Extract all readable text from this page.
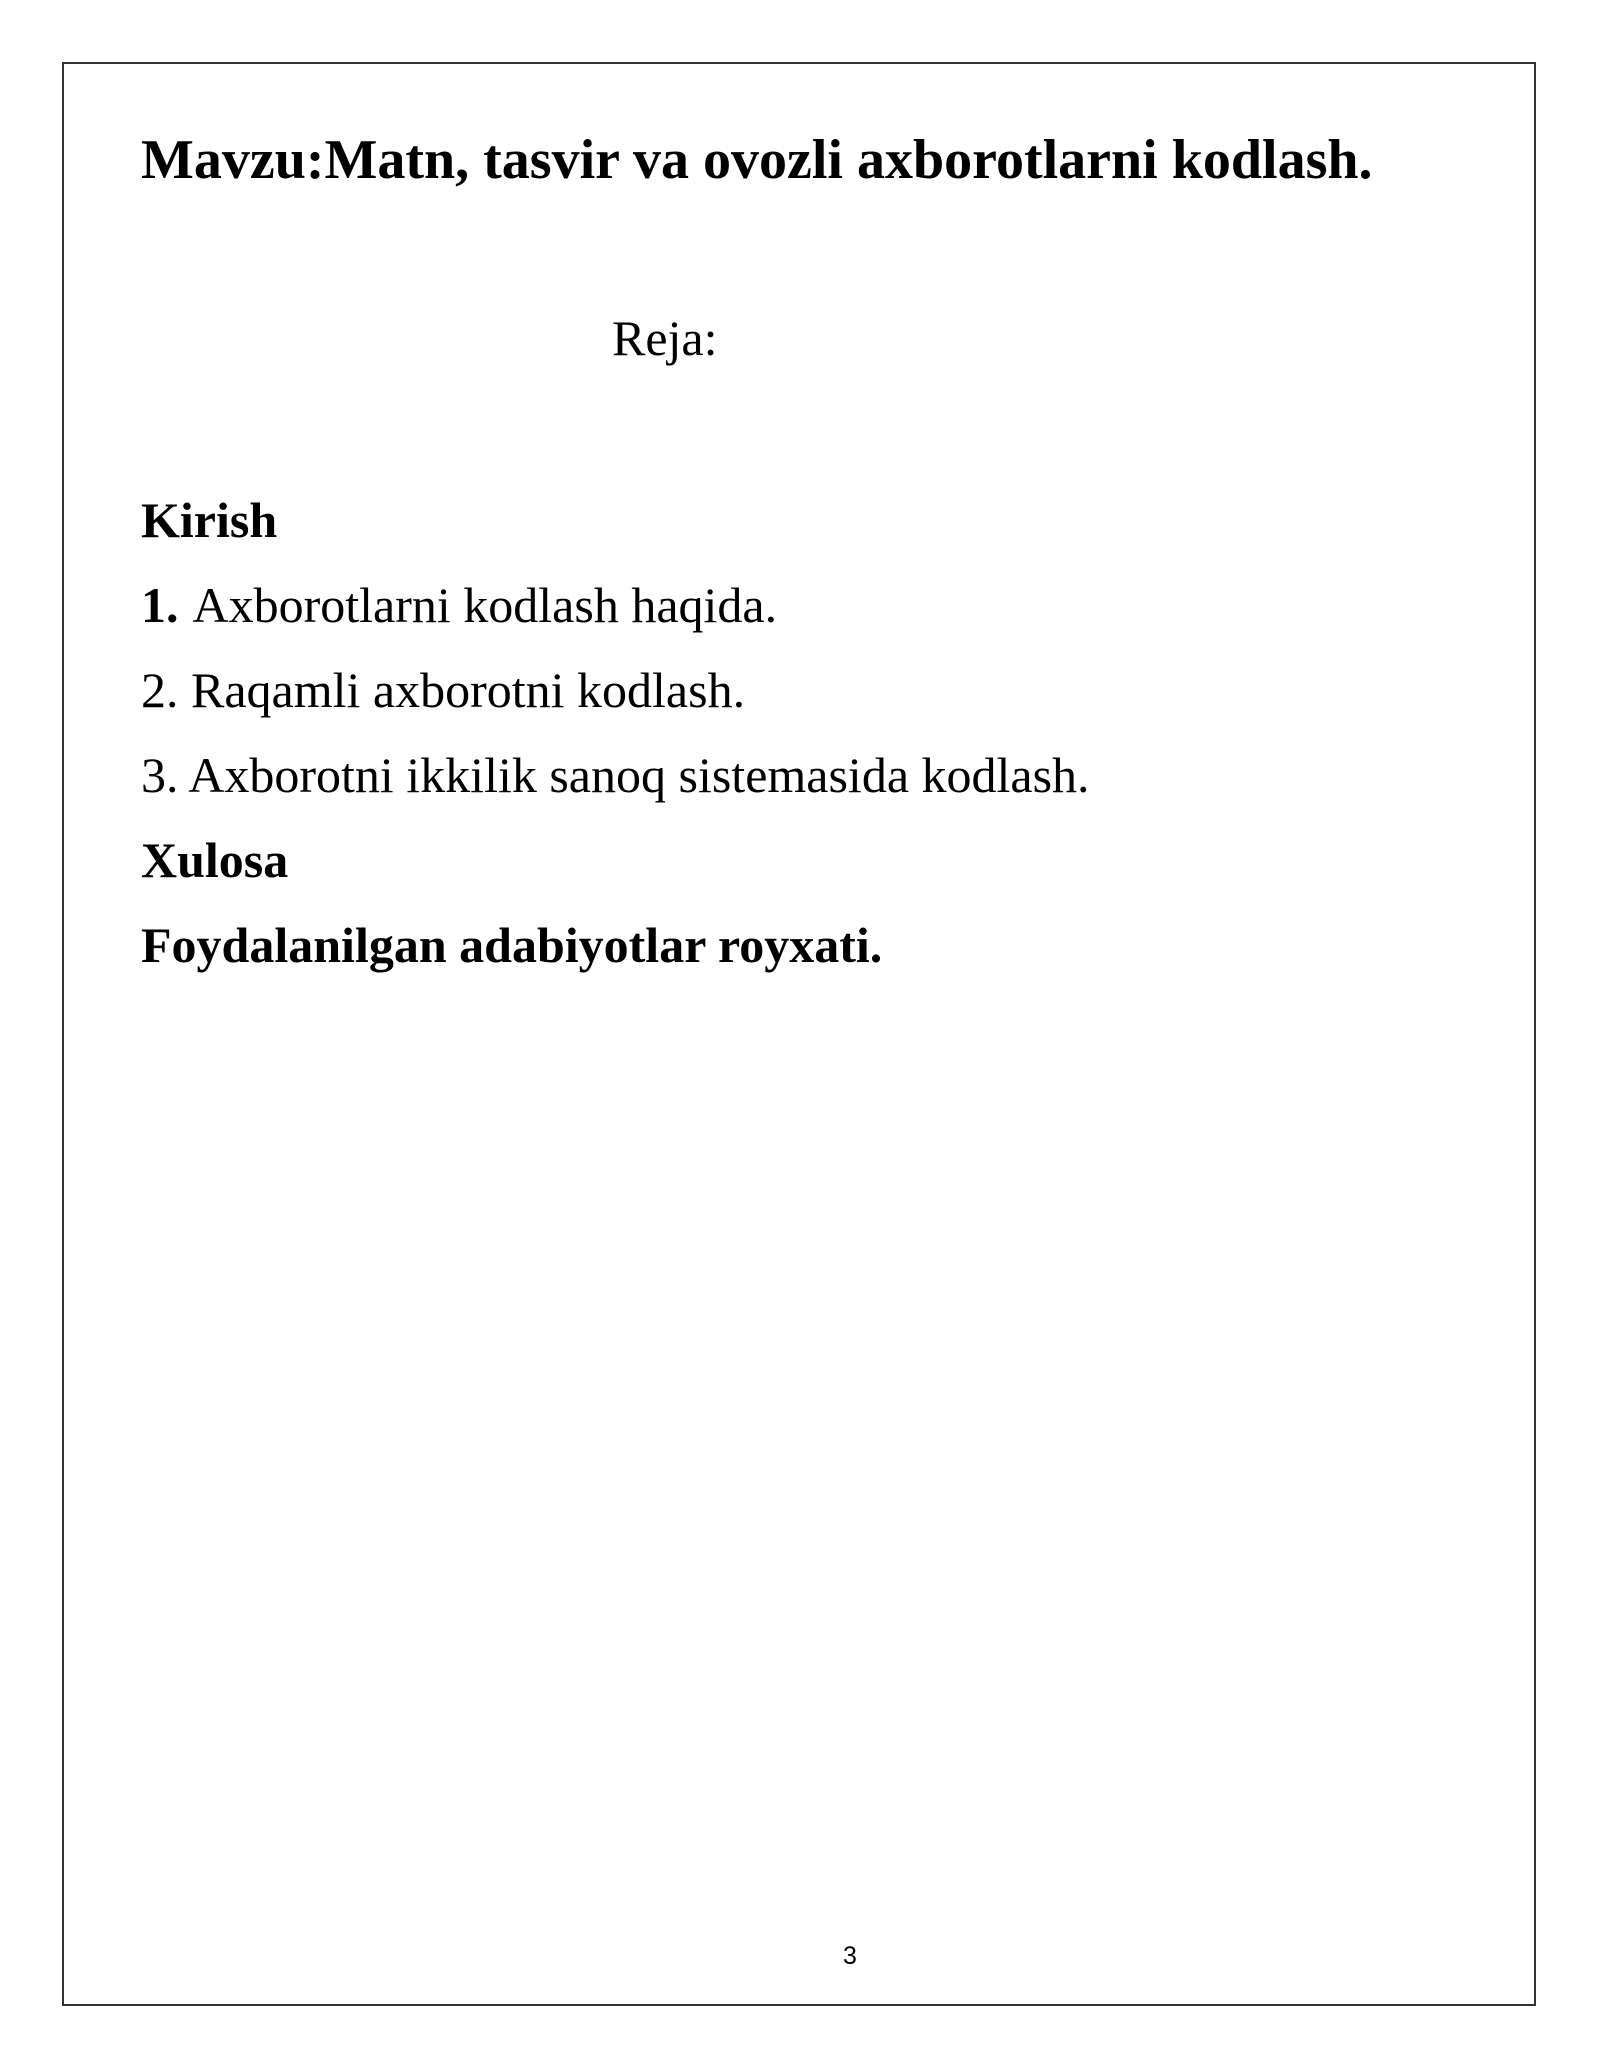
Mavzu:Matn, tasvir va ovozli axborotlarni kodlash.
Reja:
Kirish
1. Axborotlarni kodlash haqida.
2. Raqamli axborotni kodlash.
3. Axborotni ikkilik sanoq sistemasida kodlash.
Xulosa
Foydalanilgan adabiyotlar royxati.
3
